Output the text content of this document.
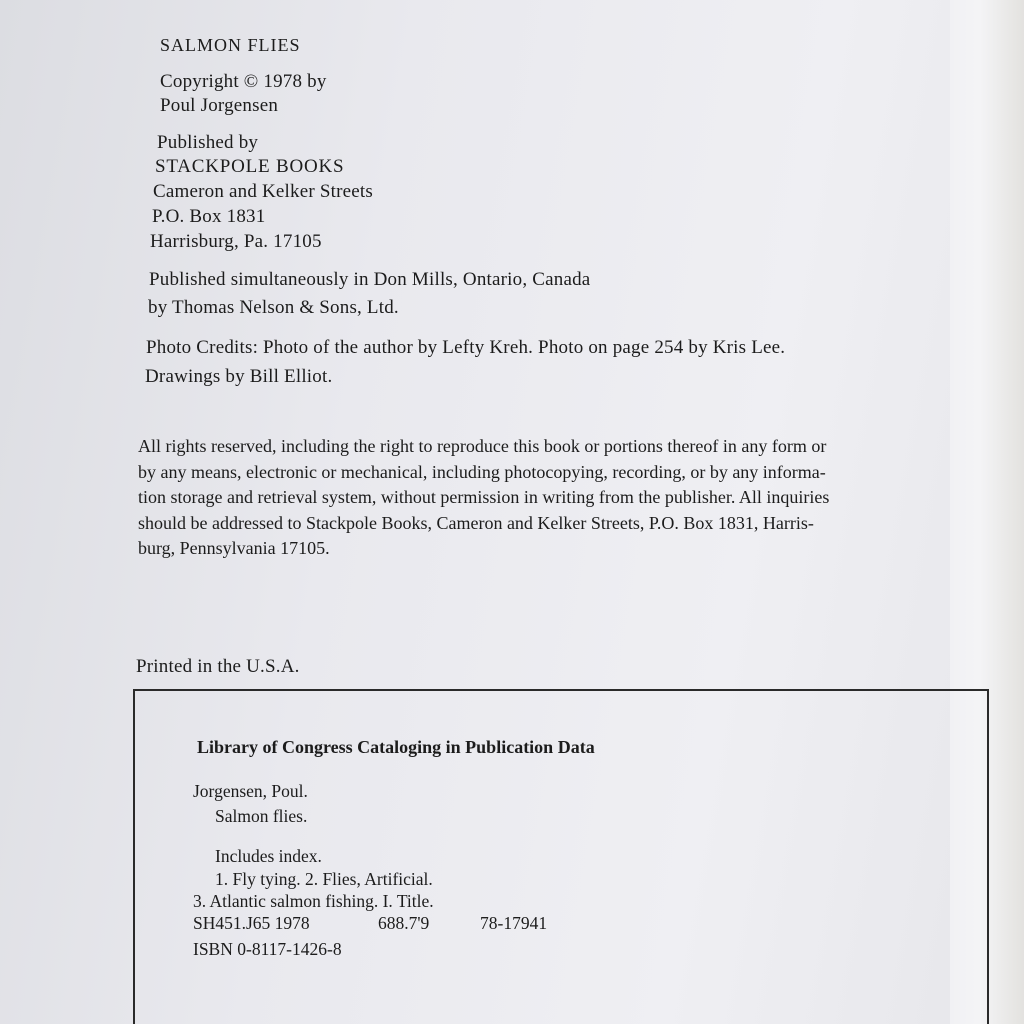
SALMON FLIES
Copyright © 1978 by
Poul Jorgensen
Published by
STACKPOLE BOOKS
Cameron and Kelker Streets
P.O. Box 1831
Harrisburg, Pa. 17105
Published simultaneously in Don Mills, Ontario, Canada
by Thomas Nelson & Sons, Ltd.
Photo Credits: Photo of the author by Lefty Kreh. Photo on page 254 by Kris Lee.
Drawings by Bill Elliot.
All rights reserved, including the right to reproduce this book or portions thereof in any form or
by any means, electronic or mechanical, including photocopying, recording, or by any informa-
tion storage and retrieval system, without permission in writing from the publisher. All inquiries
should be addressed to Stackpole Books, Cameron and Kelker Streets, P.O. Box 1831, Harris-
burg, Pennsylvania 17105.
Printed in the U.S.A.
Library of Congress Cataloging in Publication Data
Jorgensen, Poul.
Salmon flies.
Includes index.
1. Fly tying. 2. Flies, Artificial.
3. Atlantic salmon fishing. I. Title.
SH451.J65 1978	688.7'9	78-17941
ISBN 0-8117-1426-8
